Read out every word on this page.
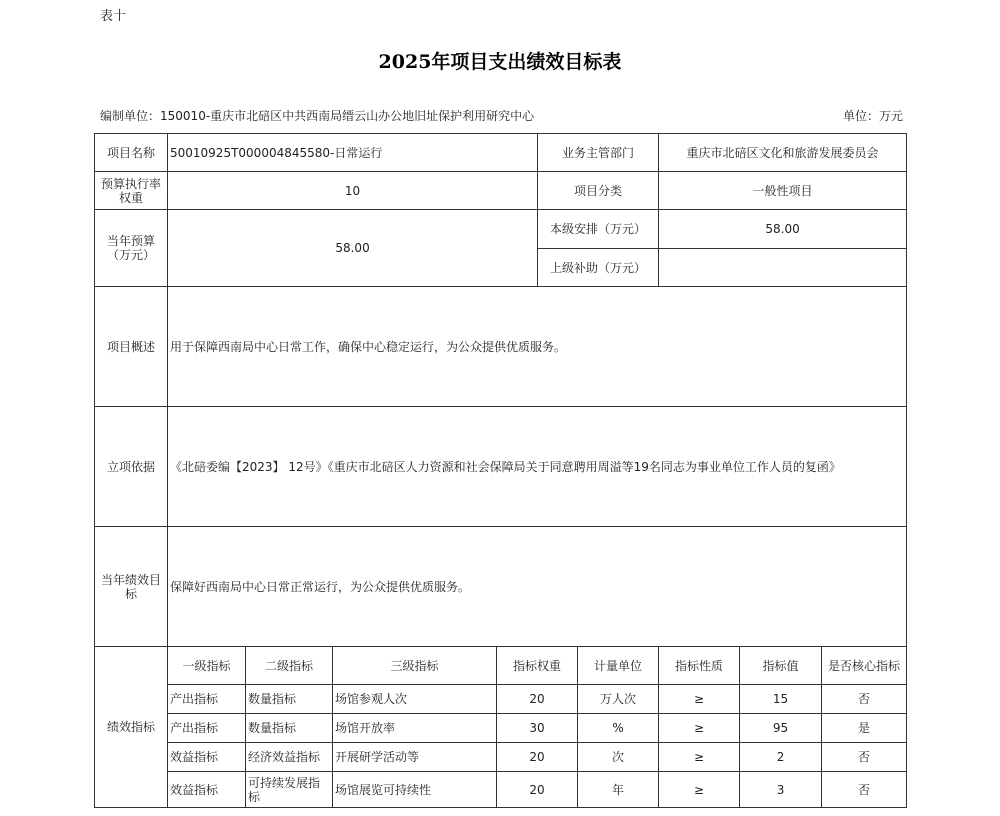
表十
2025年项目支出绩效目标表
编制单位：150010-重庆市北碚区中共西南局缙云山办公地旧址保护利用研究中心	单位：万元
项目名称	50010925T000004845580-日常运行				业务主管部门		重庆市北碚区文化和旅游发展委员会		
预算执行率权重	10				项目分类		一般性项目		
当年预算（万元）	58.00				本级安排（万元）		58.00		
					上级补助（万元）				
项目概述	用于保障西南局中心日常工作，确保中心稳定运行，为公众提供优质服务。								
立项依据	《北碚委编【2023】 12号》《重庆市北碚区人力资源和社会保障局关于同意聘用周溢等19名同志为事业单位工作人员的复函》								
当年绩效目标	保障好西南局中心日常正常运行，为公众提供优质服务。								
绩效指标	一级指标	二级指标	三级指标	指标权重		计量单位	指标性质	指标值	是否核心指标
	产出指标	数量指标	场馆参观人次	20		万人次	≥	15	否
	产出指标	数量指标	场馆开放率	30		%	≥	95	是
	效益指标	经济效益指标	开展研学活动等	20		次	≥	2	否
	效益指标	可持续发展指标	场馆展览可持续性	20		年	≥	3	否
